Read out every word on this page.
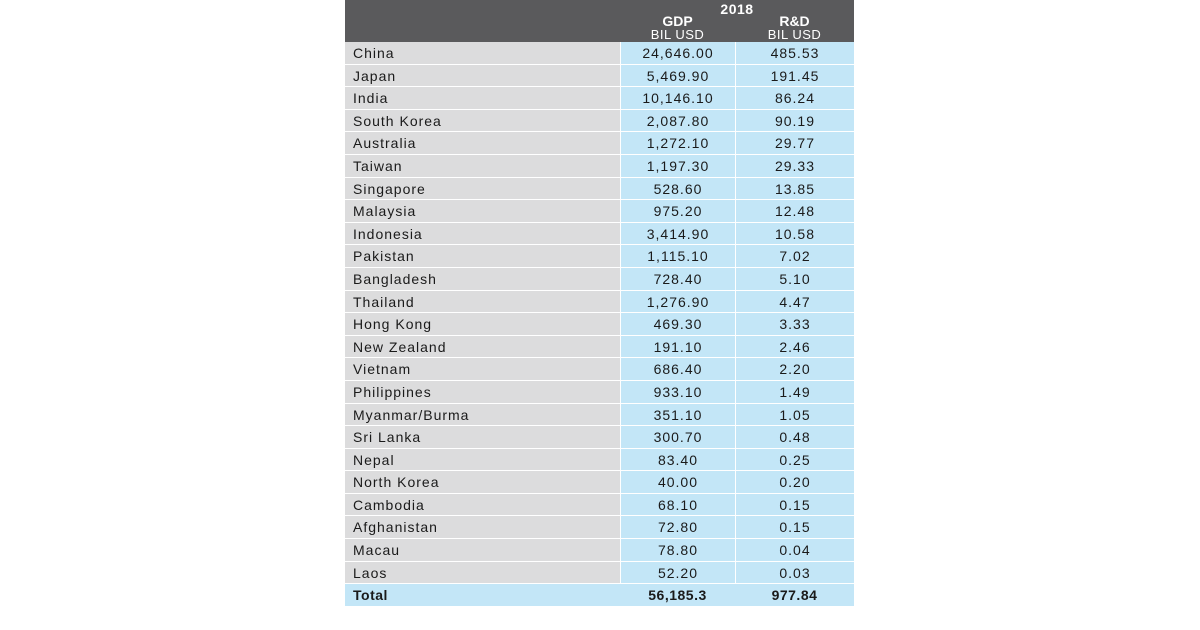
2018
GDP
BIL USD
R&D
BIL USD
China	24,646.00	485.53
Japan	5,469.90	191.45
India	10,146.10	86.24
South Korea	2,087.80	90.19
Australia	1,272.10	29.77
Taiwan	1,197.30	29.33
Singapore	528.60	13.85
Malaysia	975.20	12.48
Indonesia	3,414.90	10.58
Pakistan	1,115.10	7.02
Bangladesh	728.40	5.10
Thailand	1,276.90	4.47
Hong Kong	469.30	3.33
New Zealand	191.10	2.46
Vietnam	686.40	2.20
Philippines	933.10	1.49
Myanmar/Burma	351.10	1.05
Sri Lanka	300.70	0.48
Nepal	83.40	0.25
North Korea	40.00	0.20
Cambodia	68.10	0.15
Afghanistan	72.80	0.15
Macau	78.80	0.04
Laos	52.20	0.03
Total	56,185.3	977.84
